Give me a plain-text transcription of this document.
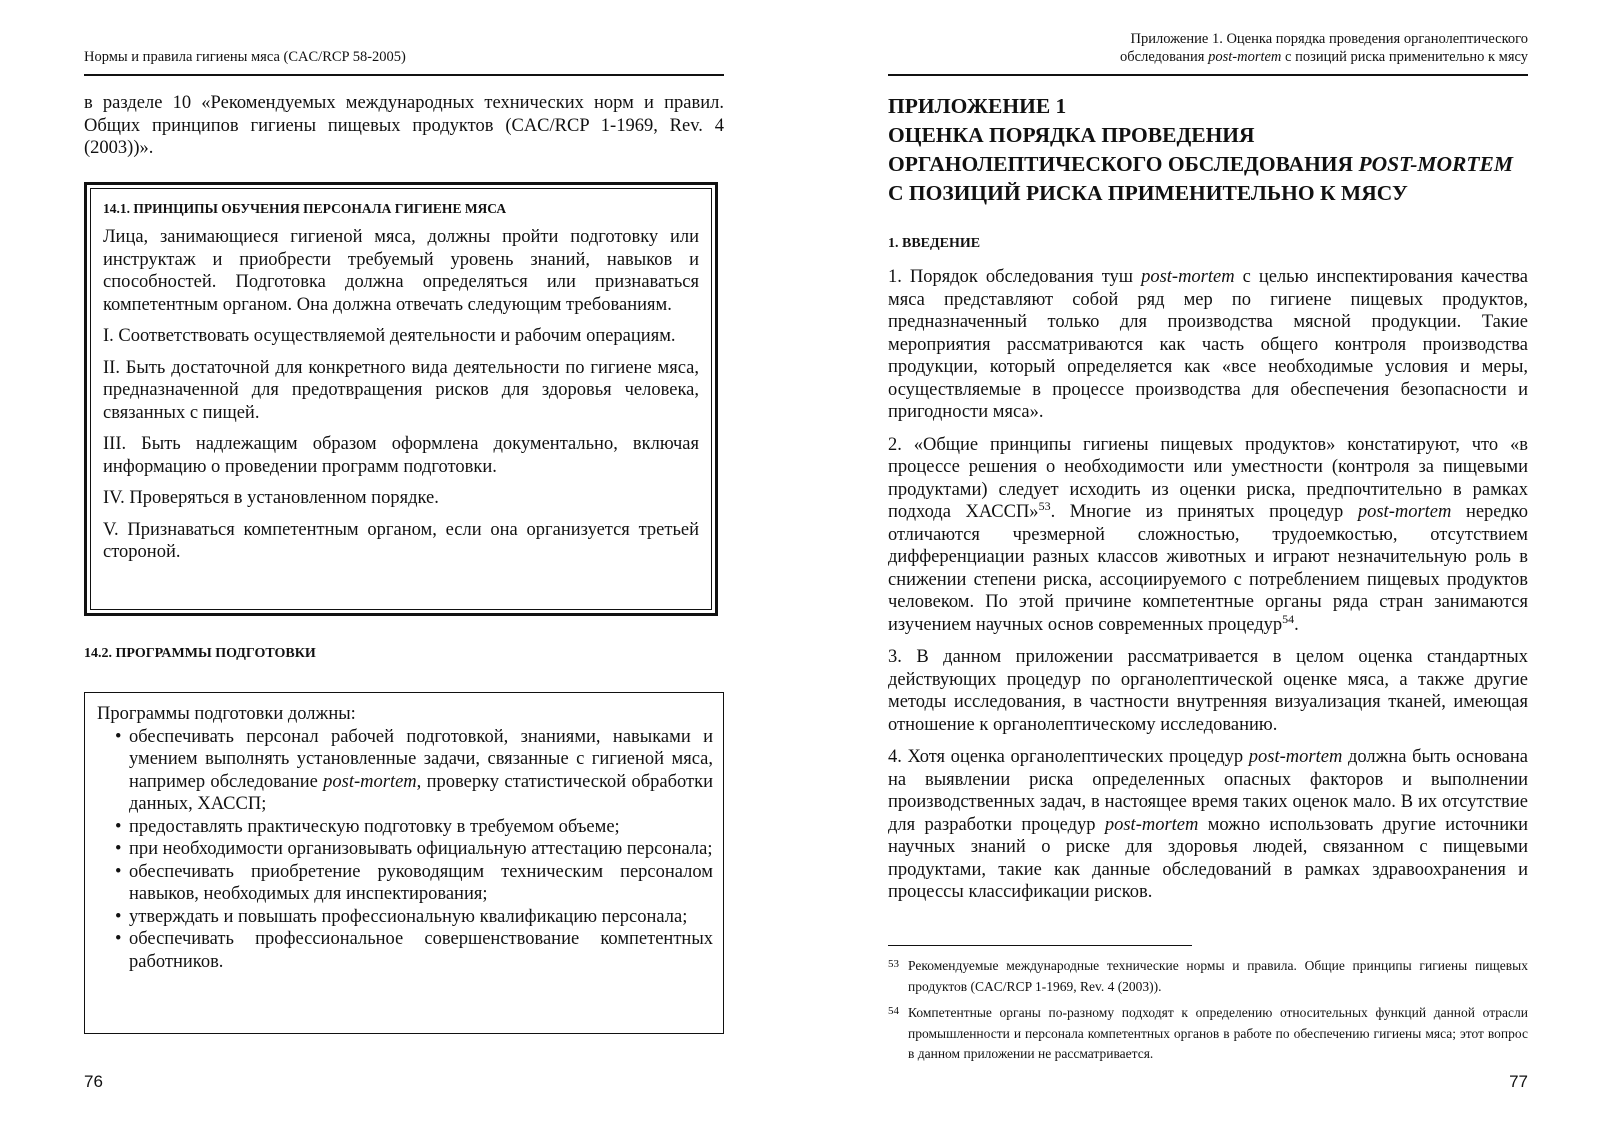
Нормы и правила гигиены мяса (CAC/RCP 58-2005)

в разделе 10 «Рекомендуемых международных технических норм и правил. Общих принципов гигиены пищевых продуктов (CAC/RCP 1-1969, Rev. 4 (2003))».

14.1. ПРИНЦИПЫ ОБУЧЕНИЯ ПЕРСОНАЛА ГИГИЕНЕ МЯСА

Лица, занимающиеся гигиеной мяса, должны пройти подготовку или инструктаж и приобрести требуемый уровень знаний, навыков и способностей. Подготовка должна определяться или признаваться компетентным органом. Она должна отвечать следующим требованиям.

I. Соответствовать осуществляемой деятельности и рабочим операциям.

II. Быть достаточной для конкретного вида деятельности по гигиене мяса, предназначенной для предотвращения рисков для здоровья человека, связанных с пищей.

III. Быть надлежащим образом оформлена документально, включая информацию о проведении программ подготовки.

IV. Проверяться в установленном порядке.

V. Признаваться компетентным органом, если она организуется третьей стороной.

14.2. ПРОГРАММЫ ПОДГОТОВКИ
Программы подготовки должны:
• обеспечивать персонал рабочей подготовкой, знаниями, навыками и умением выполнять установленные задачи, связанные с гигиеной мяса, например обследование post-mortem, проверку статистической обработки данных, ХАССП;
• предоставлять практическую подготовку в требуемом объеме;
• при необходимости организовывать официальную аттестацию персонала;
• обеспечивать приобретение руководящим техническим персоналом навыков, необходимых для инспектирования;
• утверждать и повышать профессиональную квалификацию персонала;
• обеспечивать профессиональное совершенствование компетентных работников.
76
Приложение 1. Оценка порядка проведения органолептического
обследования post-mortem с позиций риска применительно к мясу
ПРИЛОЖЕНИЕ 1
ОЦЕНКА ПОРЯДКА ПРОВЕДЕНИЯ
ОРГАНОЛЕПТИЧЕСКОГО ОБСЛЕДОВАНИЯ POST-MORTEM
С ПОЗИЦИЙ РИСКА ПРИМЕНИТЕЛЬНО К МЯСУ
1. ВВЕДЕНИЕ

1. Порядок обследования туш post-mortem с целью инспектирования качества мяса представляют собой ряд мер по гигиене пищевых продуктов, предназначенный только для производства мясной продукции. Такие мероприятия рассматриваются как часть общего контроля производства продукции, который определяется как «все необходимые условия и меры, осуществляемые в процессе производства для обеспечения безопасности и пригодности мяса».

2. «Общие принципы гигиены пищевых продуктов» констатируют, что «в процессе решения о необходимости или уместности (контроля за пищевыми продуктами) следует исходить из оценки риска, предпочтительно в рамках подхода ХАССП»$^{53}$. Многие из принятых процедур post-mortem нередко отличаются чрезмерной сложностью, трудоемкостью, отсутствием дифференциации разных классов животных и играют незначительную роль в снижении степени риска, ассоциируемого с потреблением пищевых продуктов человеком. По этой причине компетентные органы ряда стран занимаются изучением научных основ современных процедур$^{54}$.

3. В данном приложении рассматривается в целом оценка стандартных действующих процедур по органолептической оценке мяса, а также другие методы исследования, в частности внутренняя визуализация тканей, имеющая отношение к органолептическому исследованию.

4. Хотя оценка органолептических процедур post-mortem должна быть основана на выявлении риска определенных опасных факторов и выполнении производственных задач, в настоящее время таких оценок мало. В их отсутствие для разработки процедур post-mortem можно использовать другие источники научных знаний о риске для здоровья людей, связанном с пищевыми продуктами, такие как данные обследований в рамках здравоохранения и процессы классификации рисков.

53 Рекомендуемые международные технические нормы и правила. Общие принципы гигиены пищевых продуктов (CAC/RCP 1-1969, Rev. 4 (2003)).
54 Компетентные органы по-разному подходят к определению относительных функций данной отрасли промышленности и персонала компетентных органов в работе по обеспечению гигиены мяса; этот вопрос в данном приложении не рассматривается.
77
